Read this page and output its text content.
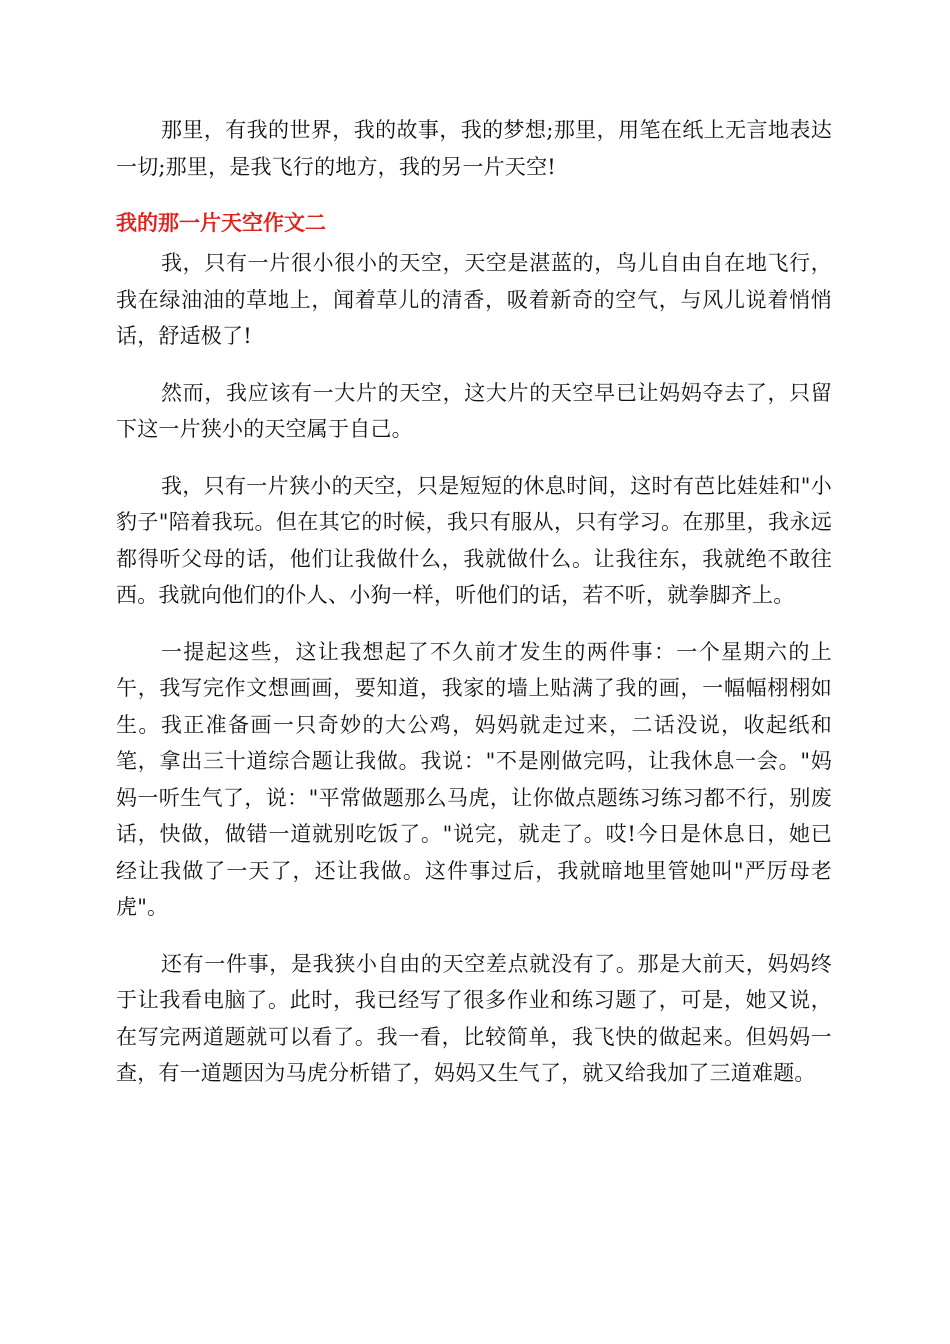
那里，有我的世界，我的故事，我的梦想;那里，用笔在纸上无言地表达一切;那里，是我飞行的地方，我的另一片天空!

我的那一片天空作文二

我，只有一片很小很小的天空，天空是湛蓝的，鸟儿自由自在地飞行，我在绿油油的草地上，闻着草儿的清香，吸着新奇的空气，与风儿说着悄悄话，舒适极了!

然而，我应该有一大片的天空，这大片的天空早已让妈妈夺去了，只留下这一片狭小的天空属于自己。

我，只有一片狭小的天空，只是短短的休息时间，这时有芭比娃娃和"小豹子"陪着我玩。但在其它的时候，我只有服从，只有学习。在那里，我永远都得听父母的话，他们让我做什么，我就做什么。让我往东，我就绝不敢往西。我就向他们的仆人、小狗一样，听他们的话，若不听，就拳脚齐上。

一提起这些，这让我想起了不久前才发生的两件事：一个星期六的上午，我写完作文想画画，要知道，我家的墙上贴满了我的画，一幅幅栩栩如生。我正准备画一只奇妙的大公鸡，妈妈就走过来，二话没说，收起纸和笔，拿出三十道综合题让我做。我说："不是刚做完吗，让我休息一会。"妈妈一听生气了，说："平常做题那么马虎，让你做点题练习练习都不行，别废话，快做，做错一道就别吃饭了。"说完，就走了。哎!今日是休息日，她已经让我做了一天了，还让我做。这件事过后，我就暗地里管她叫"严厉母老虎"。

还有一件事，是我狭小自由的天空差点就没有了。那是大前天，妈妈终于让我看电脑了。此时，我已经写了很多作业和练习题了，可是，她又说，在写完两道题就可以看了。我一看，比较简单，我飞快的做起来。但妈妈一查，有一道题因为马虎分析错了，妈妈又生气了，就又给我加了三道难题。
